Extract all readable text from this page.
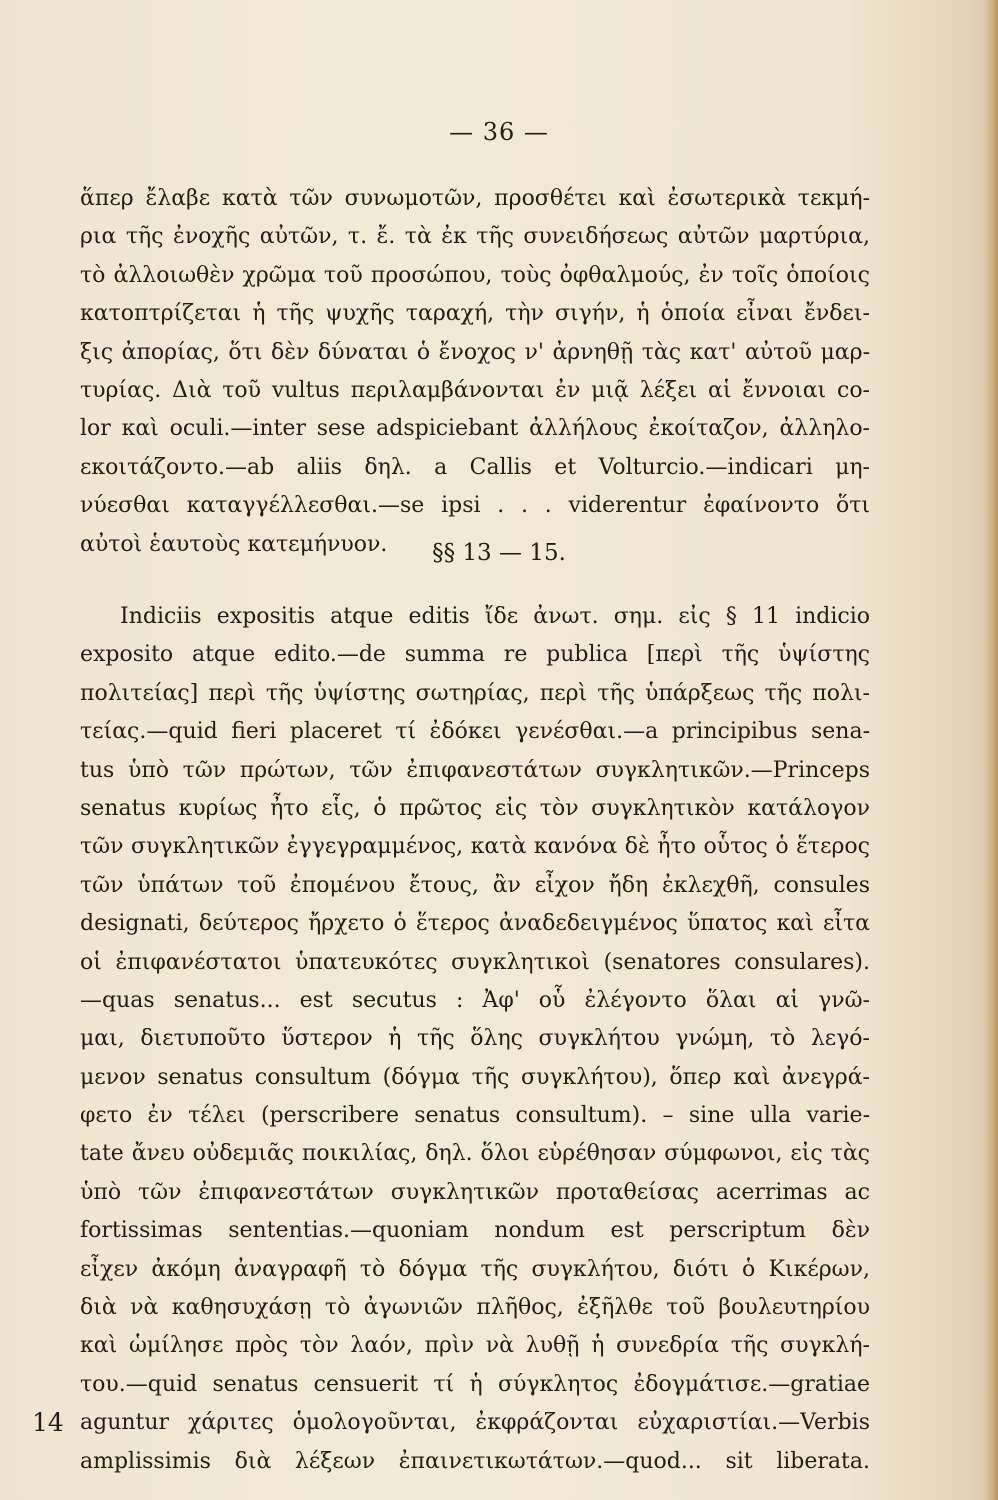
— 36 —
ἅπερ ἔλαβε κατὰ τῶν συνωμοτῶν, προσθέτει καὶ ἐσωτερικὰ τεκμή-
ρια τῆς ἐνοχῆς αὐτῶν, τ. ἔ. τὰ ἐκ τῆς συνειδήσεως αὐτῶν μαρτύρια,
τὸ ἀλλοιωθὲν χρῶμα τοῦ προσώπου, τοὺς ὀφθαλμούς, ἐν τοῖς ὁποίοις
κατοπτρίζεται ἡ τῆς ψυχῆς ταραχή, τὴν σιγήν, ἡ ὁποία εἶναι ἔνδει-
ξις ἀπορίας, ὅτι δὲν δύναται ὁ ἔνοχος ν' ἀρνηθῇ τὰς κατ' αὐτοῦ μαρ-
τυρίας. Διὰ τοῦ vultus περιλαμβάνονται ἐν μιᾷ λέξει αἱ ἔννοιαι co-
lor καὶ oculi.—inter sese adspiciebant ἀλλήλους ἐκοίταζον, ἀλληλο-
εκοιτάζοντο.—ab aliis δηλ. a Callis et Volturcio.—indicari μη-
νύεσθαι καταγγέλλεσθαι.—se ipsi . . . viderentur ἐφαίνοντο ὅτι
αὐτοὶ ἑαυτοὺς κατεμήνυον.	§§ 13 — 15.
Indiciis expositis atque editis ἴδε ἀνωτ. σημ. εἰς § 11 indicio
exposito atque edito.—de summa re publica [περὶ τῆς ὑψίστης
πολιτείας] περὶ τῆς ὑψίστης σωτηρίας, περὶ τῆς ὑπάρξεως τῆς πολι-
τείας.—quid fieri placeret τί ἐδόκει γενέσθαι.—a principibus sena-
tus ὑπὸ τῶν πρώτων, τῶν ἐπιφανεστάτων συγκλητικῶν.—Princeps
senatus κυρίως ἦτο εἷς, ὁ πρῶτος εἰς τὸν συγκλητικὸν κατάλογον
τῶν συγκλητικῶν ἐγγεγραμμένος, κατὰ κανόνα δὲ ἦτο οὗτος ὁ ἕτερος
τῶν ὑπάτων τοῦ ἐπομένου ἔτους, ἂν εἶχον ἤδη ἐκλεχθῆ, consules
designati, δεύτερος ἤρχετο ὁ ἕτερος ἀναδεδειγμένος ὕπατος καὶ εἶτα
οἱ ἐπιφανέστατοι ὑπατευκότες συγκλητικοὶ (senatores consulares).
—quas senatus... est secutus : Ἀφ' οὗ ἐλέγοντο ὅλαι αἱ γνῶ-
μαι, διετυποῦτο ὕστερον ἡ τῆς ὅλης συγκλήτου γνώμη, τὸ λεγό-
μενον senatus consultum (δόγμα τῆς συγκλήτου), ὅπερ καὶ ἀνεγρά-
φετο ἐν τέλει (perscribere senatus consultum). – sine ulla varie-
tate ἄνευ οὐδεμιᾶς ποικιλίας, δηλ. ὅλοι εὑρέθησαν σύμφωνοι, εἰς τὰς
ὑπὸ τῶν ἐπιφανεστάτων συγκλητικῶν προταθείσας acerrimas ac
fortissimas sententias.—quoniam nondum est perscriptum δὲν
εἶχεν ἀκόμη ἀναγραφῆ τὸ δόγμα τῆς συγκλήτου, διότι ὁ Κικέρων,
διὰ νὰ καθησυχάσῃ τὸ ἀγωνιῶν πλῆθος, ἐξῆλθε τοῦ βουλευτηρίου
καὶ ὡμίλησε πρὸς τὸν λαόν, πρὶν νὰ λυθῇ ἡ συνεδρία τῆς συγκλή-
του.—quid senatus censuerit τί ἡ σύγκλητος ἐδογμάτισε.—gratiae
aguntur χάριτες ὁμολογοῦνται, ἐκφράζονται εὐχαριστίαι.—Verbis
amplissimis διὰ λέξεων ἐπαινετικωτάτων.—quod... sit liberata.
14
